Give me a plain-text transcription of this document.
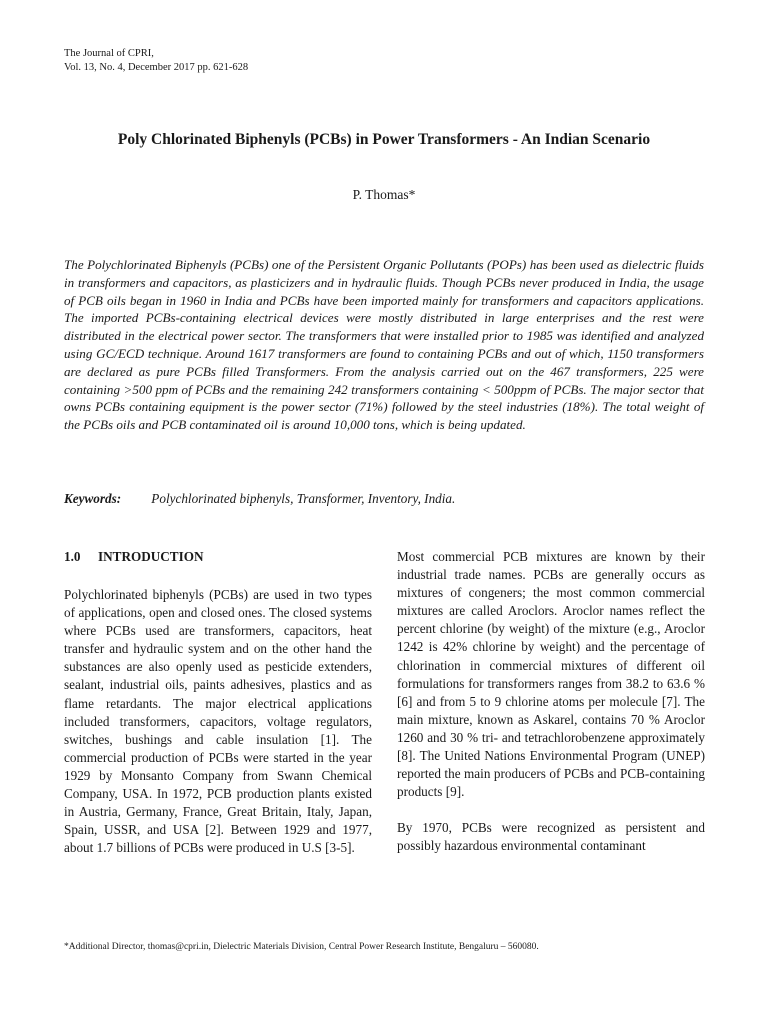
The Journal of CPRI,
Vol. 13, No. 4, December 2017 pp. 621-628
Poly Chlorinated Biphenyls (PCBs) in Power Transformers - An Indian Scenario
P. Thomas*

The Polychlorinated Biphenyls (PCBs) one of the Persistent Organic Pollutants (POPs) has been used as dielectric fluids in transformers and capacitors, as plasticizers and in hydraulic fluids. Though PCBs never produced in India, the usage of PCB oils began in 1960 in India and PCBs have been imported mainly for transformers and capacitors applications. The imported PCBs-containing electrical devices were mostly distributed in large enterprises and the rest were distributed in the electrical power sector. The transformers that were installed prior to 1985 was identified and analyzed using GC/ECD technique. Around 1617 transformers are found to containing PCBs and out of which, 1150 transformers are declared as pure PCBs filled Transformers. From the analysis carried out on the 467 transformers, 225 were containing >500 ppm of PCBs and the remaining 242 transformers containing < 500ppm of PCBs. The major sector that owns PCBs containing equipment is the power sector (71%) followed by the steel industries (18%). The total weight of the PCBs oils and PCB contaminated oil is around 10,000 tons, which is being updated.

Keywords: Polychlorinated biphenyls, Transformer, Inventory, India.
1.0 INTRODUCTION

Polychlorinated biphenyls (PCBs) are used in two types of applications, open and closed ones. The closed systems where PCBs used are transformers, capacitors, heat transfer and hydraulic system and on the other hand the substances are also openly used as pesticide extenders, sealant, industrial oils, paints adhesives, plastics and as flame retardants. The major electrical applications included transformers, capacitors, voltage regulators, switches, bushings and cable insulation [1]. The commercial production of PCBs were started in the year 1929 by Monsanto Company from Swann Chemical Company, USA. In 1972, PCB production plants existed in Austria, Germany, France, Great Britain, Italy, Japan, Spain, USSR, and USA [2]. Between 1929 and 1977, about 1.7 billions of PCBs were produced in U.S [3-5].

Most commercial PCB mixtures are known by their industrial trade names. PCBs are generally occurs as mixtures of congeners; the most common commercial mixtures are called Aroclors. Aroclor names reflect the percent chlorine (by weight) of the mixture (e.g., Aroclor 1242 is 42% chlorine by weight) and the percentage of chlorination in commercial mixtures of different oil formulations for transformers ranges from 38.2 to 63.6 % [6] and from 5 to 9 chlorine atoms per molecule [7]. The main mixture, known as Askarel, contains 70 % Aroclor 1260 and 30 % tri- and tetrachlorobenzene approximately [8]. The United Nations Environmental Program (UNEP) reported the main producers of PCBs and PCB-containing products [9].

By 1970, PCBs were recognized as persistent and possibly hazardous environmental contaminant

*Additional Director, thomas@cpri.in, Dielectric Materials Division, Central Power Research Institute, Bengaluru – 560080.
